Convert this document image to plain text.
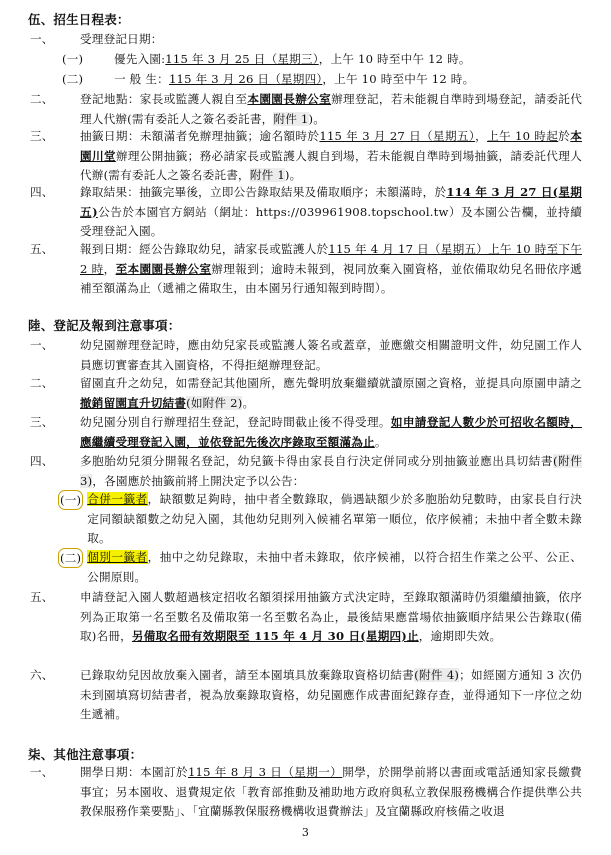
伍、招生日程表：
一、	受理登記日期：
(一)	優先入園:115 年 3 月 25 日（星期三），上午 10 時至中午 12 時。
(二)	一 般 生：115 年 3 月 26 日（星期四），上午 10 時至中午 12 時。
二、	登記地點：家長或監護人親自至本園園長辦公室辦理登記，若未能親自準時到場登記，請委託代理人代辦(需有委託人之簽名委託書，附件 1)。
三、	抽籤日期：未額滿者免辦理抽籤；逾名額時於115 年 3 月 27 日（星期五），上午 10 時起於本園川堂辦理公開抽籤；務必請家長或監護人親自到場，若未能親自準時到場抽籤，請委託代理人代辦(需有委託人之簽名委託書，附件 1)。
四、	錄取結果：抽籤完畢後，立即公告錄取結果及備取順序；未額滿時，於114 年 3 月 27 日(星期五)公告於本園官方網站（網址：https://039961908.topschool.tw）及本園公告欄，並持續受理登記入園。
五、	報到日期：經公告錄取幼兒，請家長或監護人於115 年 4 月 17 日（星期五）上午 10 時至下午 2 時，至本園園長辦公室辦理報到；逾時未報到，視同放棄入園資格，並依備取幼兒名冊依序遞補至額滿為止（遞補之備取生，由本園另行通知報到時間）。
陸、登記及報到注意事項：
一、	幼兒園辦理登記時，應由幼兒家長或監護人簽名或蓋章，並應繳交相關證明文件，幼兒園工作人員應切實審查其入園資格，不得拒絕辦理登記。
二、	留園直升之幼兒，如需登記其他園所，應先聲明放棄繼續就讀原園之資格，並提具向原園申請之撤銷留園直升切結書(如附件 2)。
三、	幼兒園分別自行辦理招生登記，登記時間截止後不得受理。如申請登記人數少於可招收名額時，應繼續受理登記入園，並依登記先後次序錄取至額滿為止。
四、	多胞胎幼兒須分開報名登記，幼兒籤卡得由家長自行決定併同或分別抽籤並應出具切結書(附件 3)，各園應於抽籤前將上開決定予以公告：
(一) 合併一籤者，缺額數足夠時，抽中者全數錄取，倘遇缺額少於多胞胎幼兒數時，由家長自行決定同額缺額數之幼兒入園，其他幼兒則列入候補名單第一順位，依序候補；未抽中者全數未錄取。
(二) 個別一籤者，抽中之幼兒錄取，未抽中者未錄取，依序候補，以符合招生作業之公平、公正、公開原則。
五、	申請登記入園人數超過核定招收名額須採用抽籤方式決定時，至錄取額滿時仍須繼續抽籤，依序列為正取第一名至數名及備取第一名至數名為止，最後結果應當場依抽籤順序結果公告錄取(備取)名冊，另備取名冊有效期限至 115 年 4 月 30 日(星期四)止，逾期即失效。
六、	已錄取幼兒因故放棄入園者，請至本園填具放棄錄取資格切結書(附件 4)；如經園方通知 3 次仍未到園填寫切結書者，視為放棄錄取資格，幼兒園應作成書面紀錄存查，並得通知下一序位之幼生遞補。
柒、其他注意事項：
一、	開學日期：本園訂於115 年 8 月 3 日（星期一）開學，於開學前將以書面或電話通知家長繳費事宜；另本園收、退費規定依「教育部推動及補助地方政府與私立教保服務機構合作提供準公共教保服務作業要點」、「宜蘭縣教保服務機構收退費辦法」及宜蘭縣政府核備之收退
3
